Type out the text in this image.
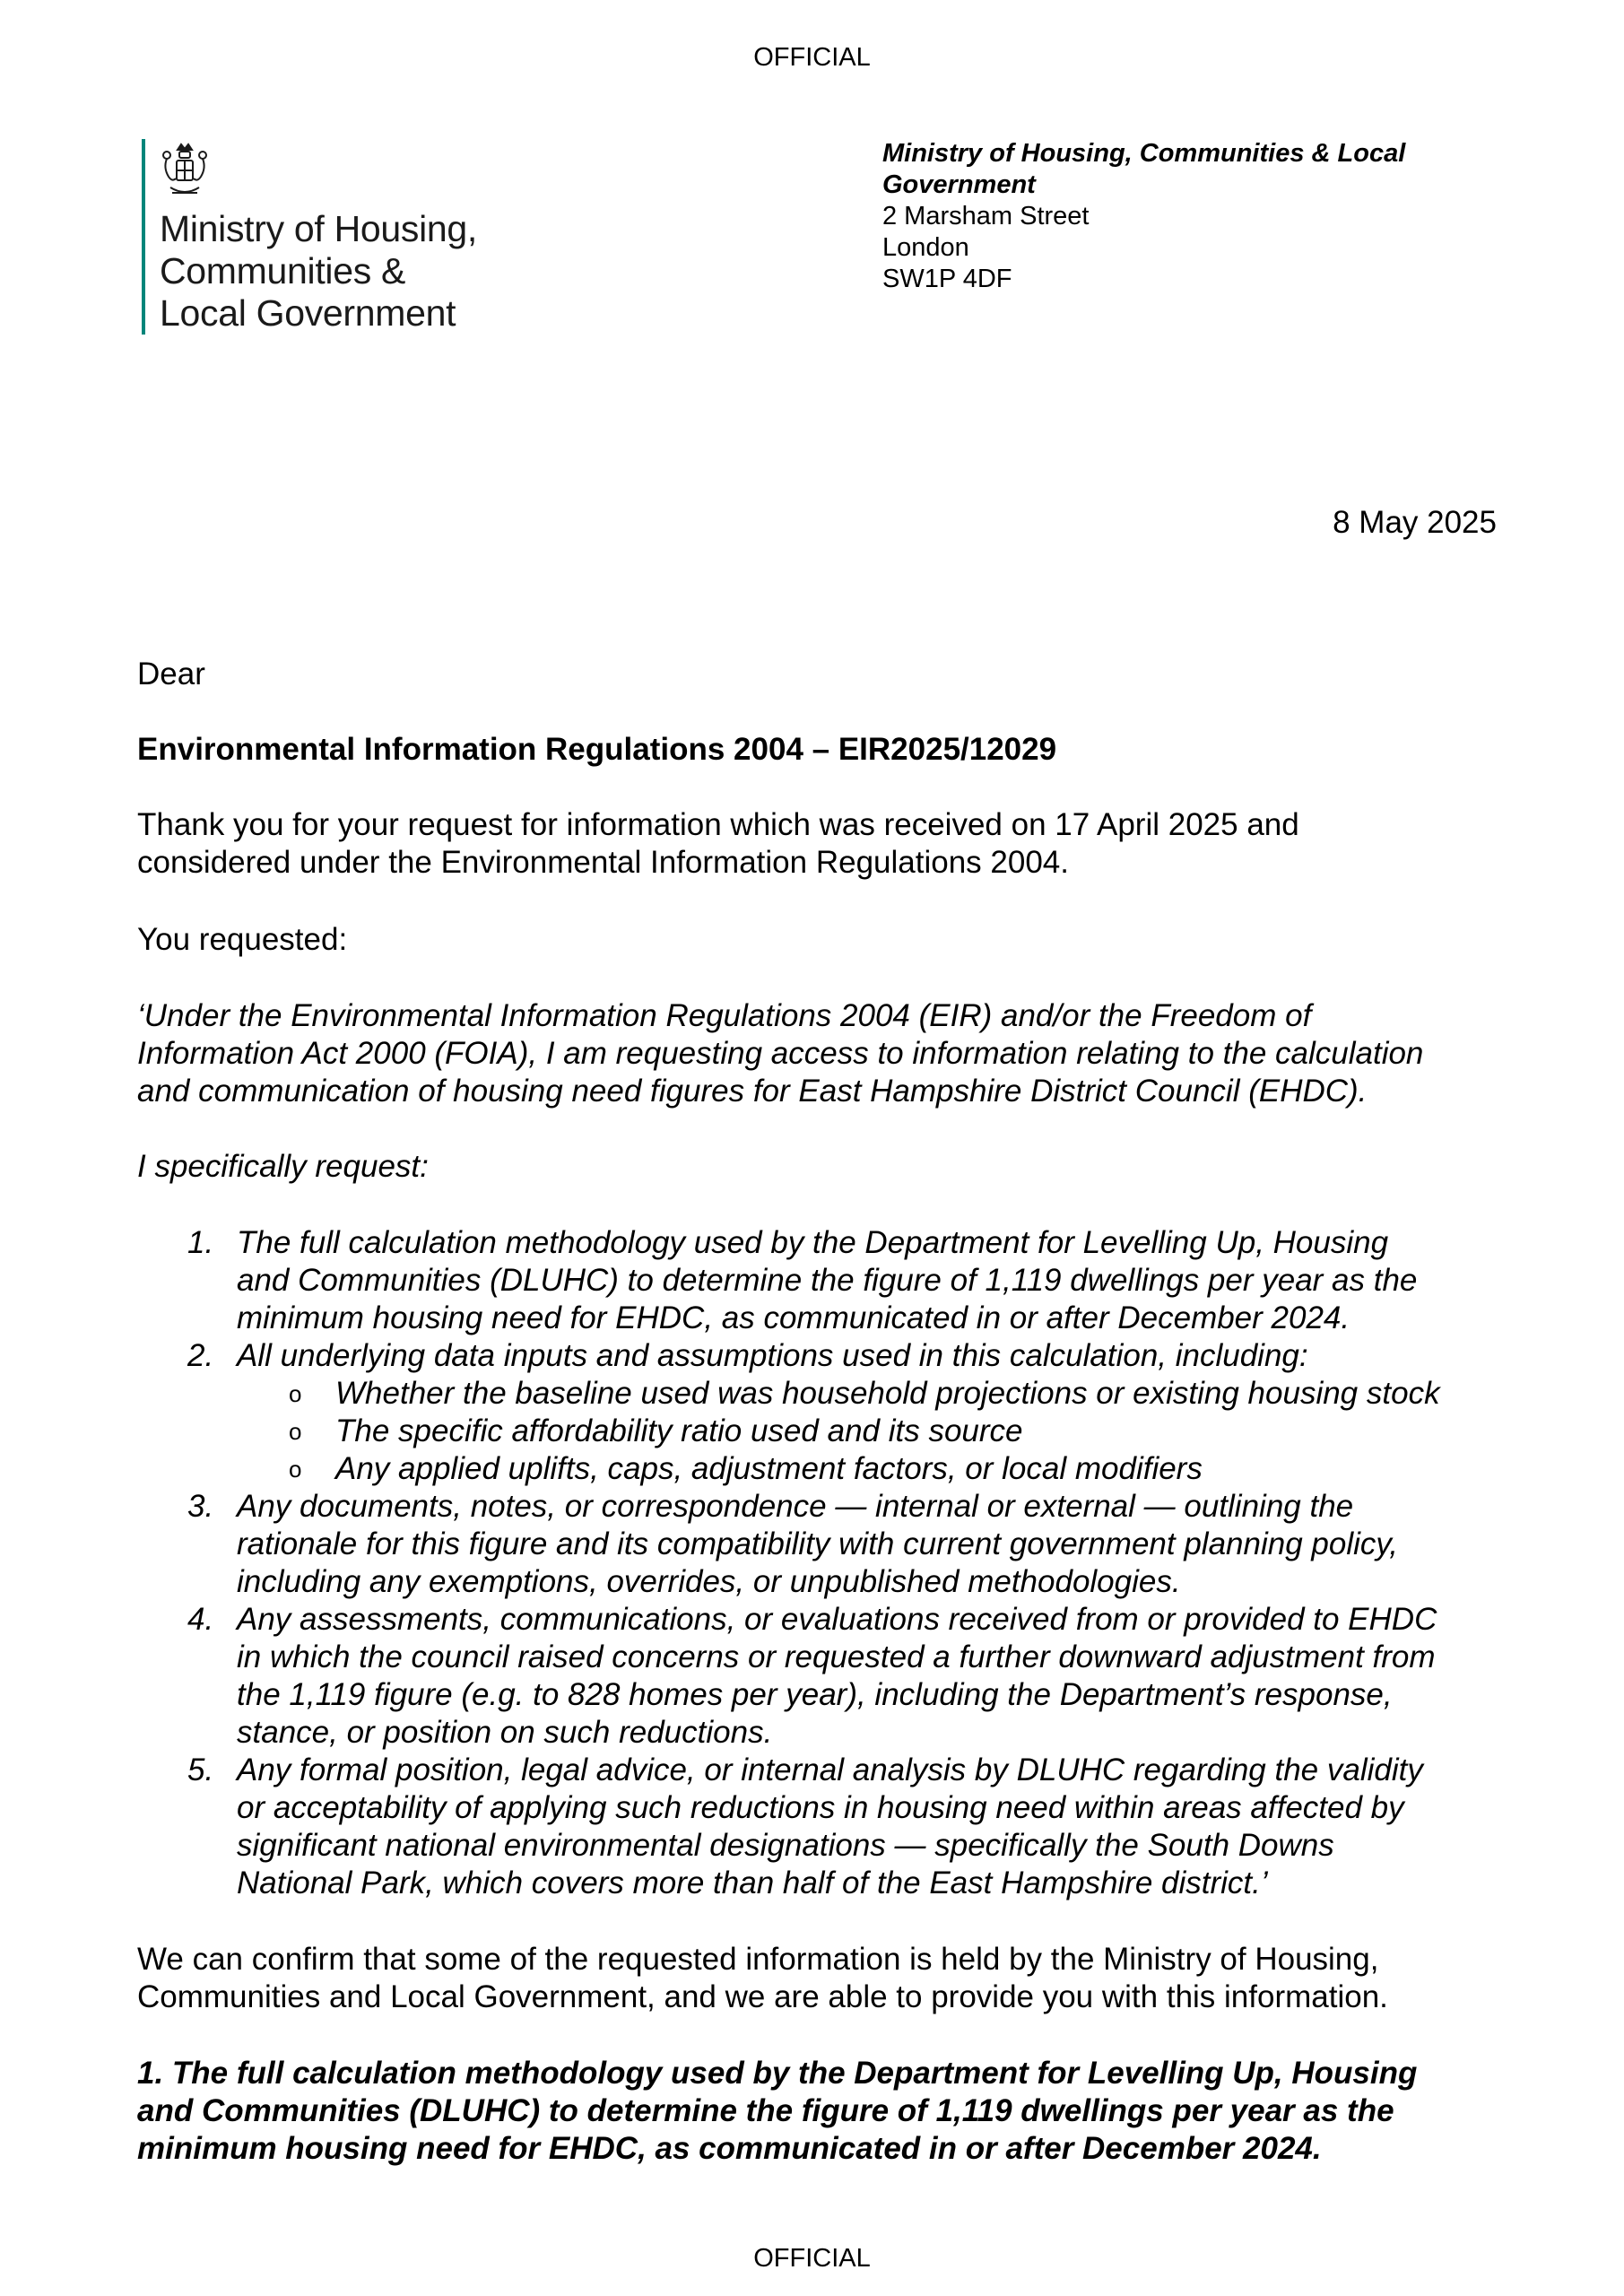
OFFICIAL
Ministry of Housing,
Communities &
Local Government
Ministry of Housing, Communities & Local
Government
2 Marsham Street
London
SW1P 4DF
8 May 2025
Dear
Environmental Information Regulations 2004 – EIR2025/12029
Thank you for your request for information which was received on 17 April 2025 and
considered under the Environmental Information Regulations 2004.
You requested:
‘Under the Environmental Information Regulations 2004 (EIR) and/or the Freedom of
Information Act 2000 (FOIA), I am requesting access to information relating to the calculation
and communication of housing need figures for East Hampshire District Council (EHDC).
I specifically request:
1. The full calculation methodology used by the Department for Levelling Up, Housing
and Communities (DLUHC) to determine the figure of 1,119 dwellings per year as the
minimum housing need for EHDC, as communicated in or after December 2024.
2. All underlying data inputs and assumptions used in this calculation, including:
o Whether the baseline used was household projections or existing housing stock
o The specific affordability ratio used and its source
o Any applied uplifts, caps, adjustment factors, or local modifiers
3. Any documents, notes, or correspondence — internal or external — outlining the
rationale for this figure and its compatibility with current government planning policy,
including any exemptions, overrides, or unpublished methodologies.
4. Any assessments, communications, or evaluations received from or provided to EHDC
in which the council raised concerns or requested a further downward adjustment from
the 1,119 figure (e.g. to 828 homes per year), including the Department’s response,
stance, or position on such reductions.
5. Any formal position, legal advice, or internal analysis by DLUHC regarding the validity
or acceptability of applying such reductions in housing need within areas affected by
significant national environmental designations — specifically the South Downs
National Park, which covers more than half of the East Hampshire district.’
We can confirm that some of the requested information is held by the Ministry of Housing,
Communities and Local Government, and we are able to provide you with this information.
1. The full calculation methodology used by the Department for Levelling Up, Housing
and Communities (DLUHC) to determine the figure of 1,119 dwellings per year as the
minimum housing need for EHDC, as communicated in or after December 2024.
OFFICIAL
